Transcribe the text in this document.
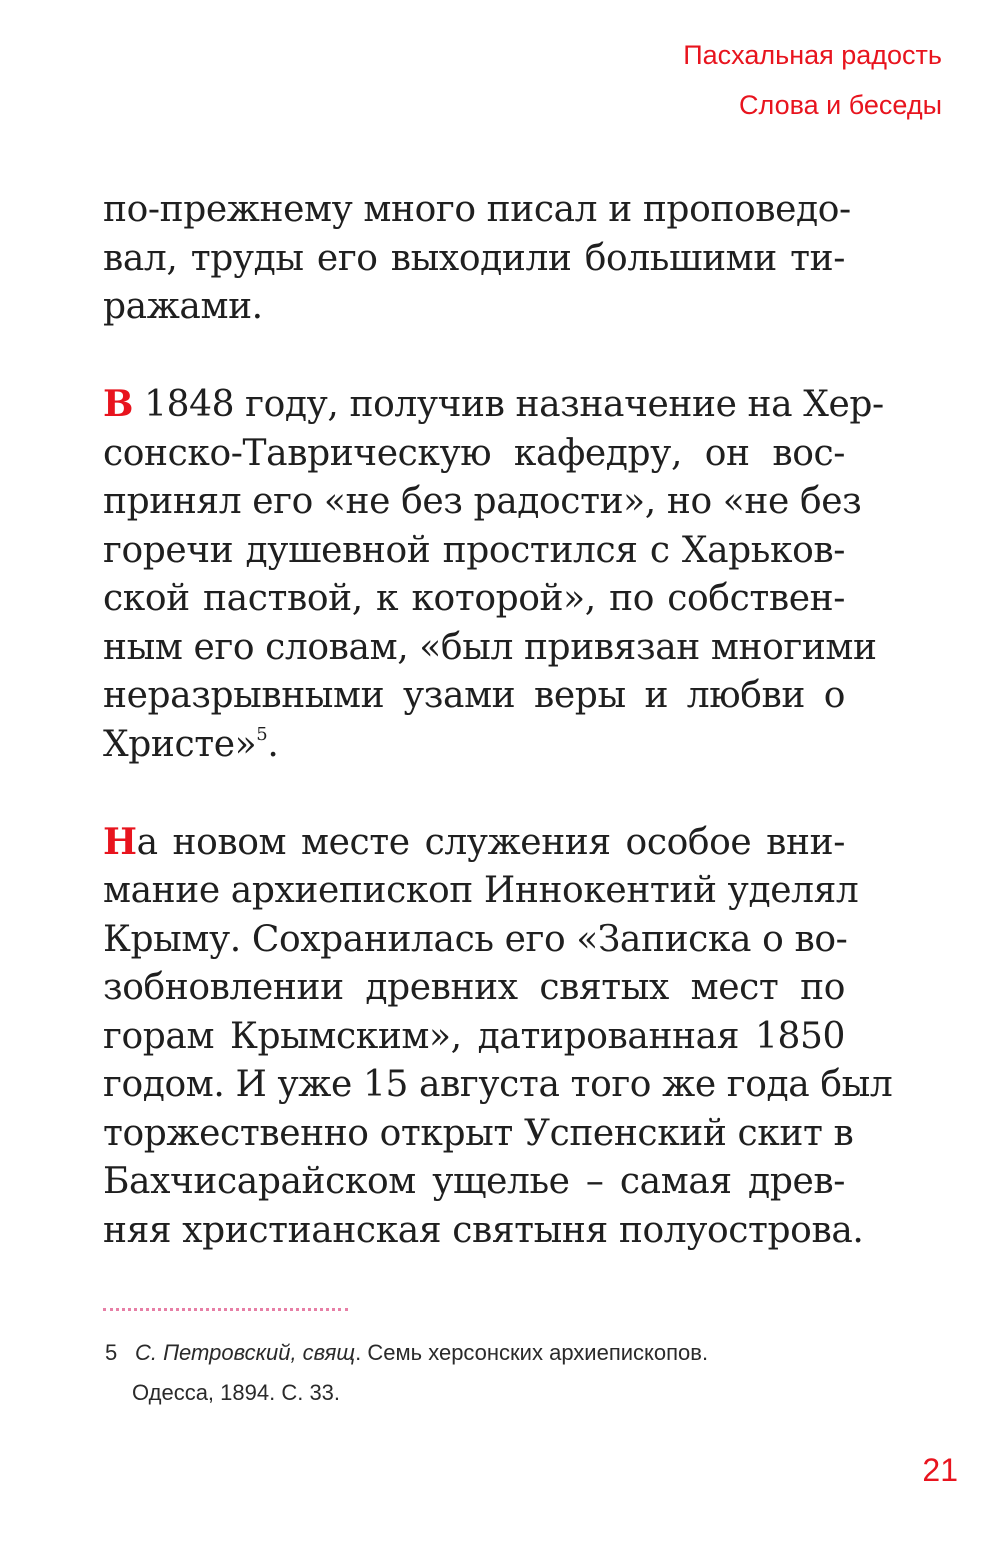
Пасхальная радость
Слова и беседы

по-прежнему много писал и проповедо-
вал, труды его выходили большими ти-
ражами.

В 1848 году, получив назначение на Хер-
сонско-Таврическую кафедру, он вос-
принял его «не без радости», но «не без
горечи душевной простился с Харьков-
ской паствой, к которой», по собствен-
ным его словам, «был привязан многими
неразрывными узами веры и любви о
Христе»$^5$.

На новом месте служения особое вни-
мание архиепископ Иннокентий уделял
Крыму. Сохранилась его «Записка о во-
зобновлении древних святых мест по
горам Крымским», датированная 1850
годом. И уже 15 августа того же года был
торжественно открыт Успенский скит в
Бахчисарайском ущелье – самая древ-
няя христианская святыня полуострова.

5 С. Петровский, свящ. Семь херсонских архиепископов.
Одесса, 1894. С. 33.
21
